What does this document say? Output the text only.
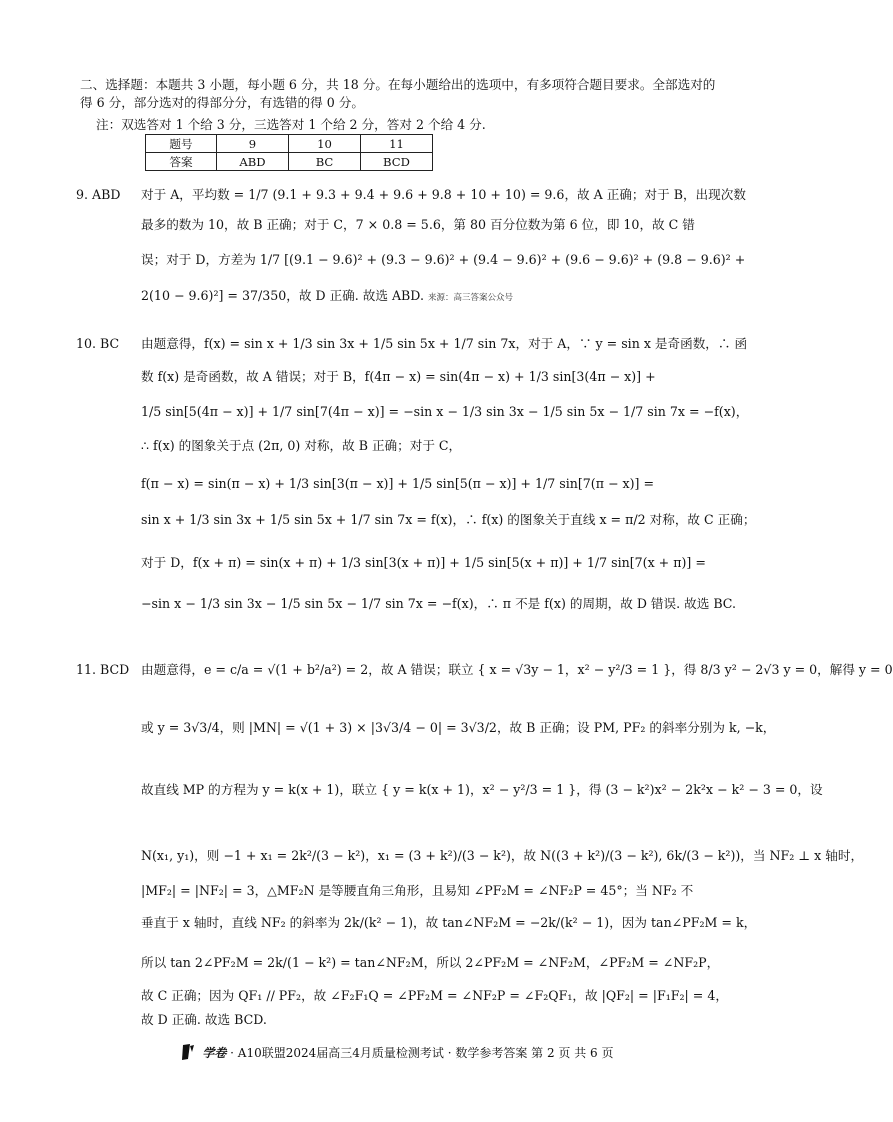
二、选择题：本题共 3 小题，每小题 6 分，共 18 分。在每小题给出的选项中，有多项符合题目要求。全部选对的得 6 分，部分选对的得部分分，有选错的得 0 分。
注：双选答对 1 个给 3 分，三选答对 1 个给 2 分，答对 2 个给 4 分.
题号	9	10	11
答案	ABD	BC	BCD
9. ABD 对于 A，平均数 = 1/7 (9.1 + 9.3 + 9.4 + 9.6 + 9.8 + 10 + 10) = 9.6，故 A 正确；对于 B，出现次数
最多的数为 10，故 B 正确；对于 C，7 × 0.8 = 5.6，第 80 百分位数为第 6 位，即 10，故 C 错
误；对于 D，方差为 1/7 [(9.1 − 9.6)² + (9.3 − 9.6)² + (9.4 − 9.6)² + (9.6 − 9.6)² + (9.8 − 9.6)² +
2(10 − 9.6)²] = 37/350，故 D 正确. 故选 ABD. 来源：高三答案公众号
10. BC 由题意得，f(x) = sin x + 1/3 sin 3x + 1/5 sin 5x + 1/7 sin 7x，对于 A，∵ y = sin x 是奇函数，∴ 函
数 f(x) 是奇函数，故 A 错误；对于 B，f(4π − x) = sin(4π − x) + 1/3 sin[3(4π − x)] +
1/5 sin[5(4π − x)] + 1/7 sin[7(4π − x)] = −sin x − 1/3 sin 3x − 1/5 sin 5x − 1/7 sin 7x = −f(x)，
∴ f(x) 的图象关于点 (2π, 0) 对称，故 B 正确；对于 C，
f(π − x) = sin(π − x) + 1/3 sin[3(π − x)] + 1/5 sin[5(π − x)] + 1/7 sin[7(π − x)] =
sin x + 1/3 sin 3x + 1/5 sin 5x + 1/7 sin 7x = f(x)，∴ f(x) 的图象关于直线 x = π/2 对称，故 C 正确；
对于 D，f(x + π) = sin(x + π) + 1/3 sin[3(x + π)] + 1/5 sin[5(x + π)] + 1/7 sin[7(x + π)] =
−sin x − 1/3 sin 3x − 1/5 sin 5x − 1/7 sin 7x = −f(x)，∴ π 不是 f(x) 的周期，故 D 错误. 故选 BC.
11. BCD 由题意得，e = c/a = √(1 + b²/a²) = 2，故 A 错误；联立 { x = √3y − 1，x² − y²/3 = 1 }，得 8/3 y² − 2√3 y = 0，解得 y = 0
或 y = 3√3/4，则 |MN| = √(1 + 3) × |3√3/4 − 0| = 3√3/2，故 B 正确；设 PM, PF₂ 的斜率分别为 k, −k，
故直线 MP 的方程为 y = k(x + 1)，联立 { y = k(x + 1)，x² − y²/3 = 1 }，得 (3 − k²)x² − 2k²x − k² − 3 = 0，设
N(x₁, y₁)，则 −1 + x₁ = 2k²/(3 − k²)，x₁ = (3 + k²)/(3 − k²)，故 N((3 + k²)/(3 − k²), 6k/(3 − k²))，当 NF₂ ⊥ x 轴时，
|MF₂| = |NF₂| = 3，△MF₂N 是等腰直角三角形，且易知 ∠PF₂M = ∠NF₂P = 45°；当 NF₂ 不
垂直于 x 轴时，直线 NF₂ 的斜率为 2k/(k² − 1)，故 tan∠NF₂M = −2k/(k² − 1)，因为 tan∠PF₂M = k，
所以 tan 2∠PF₂M = 2k/(1 − k²) = tan∠NF₂M，所以 2∠PF₂M = ∠NF₂M，∠PF₂M = ∠NF₂P，
故 C 正确；因为 QF₁ // PF₂，故 ∠F₂F₁Q = ∠PF₂M = ∠NF₂P = ∠F₂QF₁，故 |QF₂| = |F₁F₂| = 4，
故 D 正确. 故选 BCD.
学卷 · A10联盟2024届高三4月质量检测考试 · 数学参考答案 第 2 页 共 6 页
